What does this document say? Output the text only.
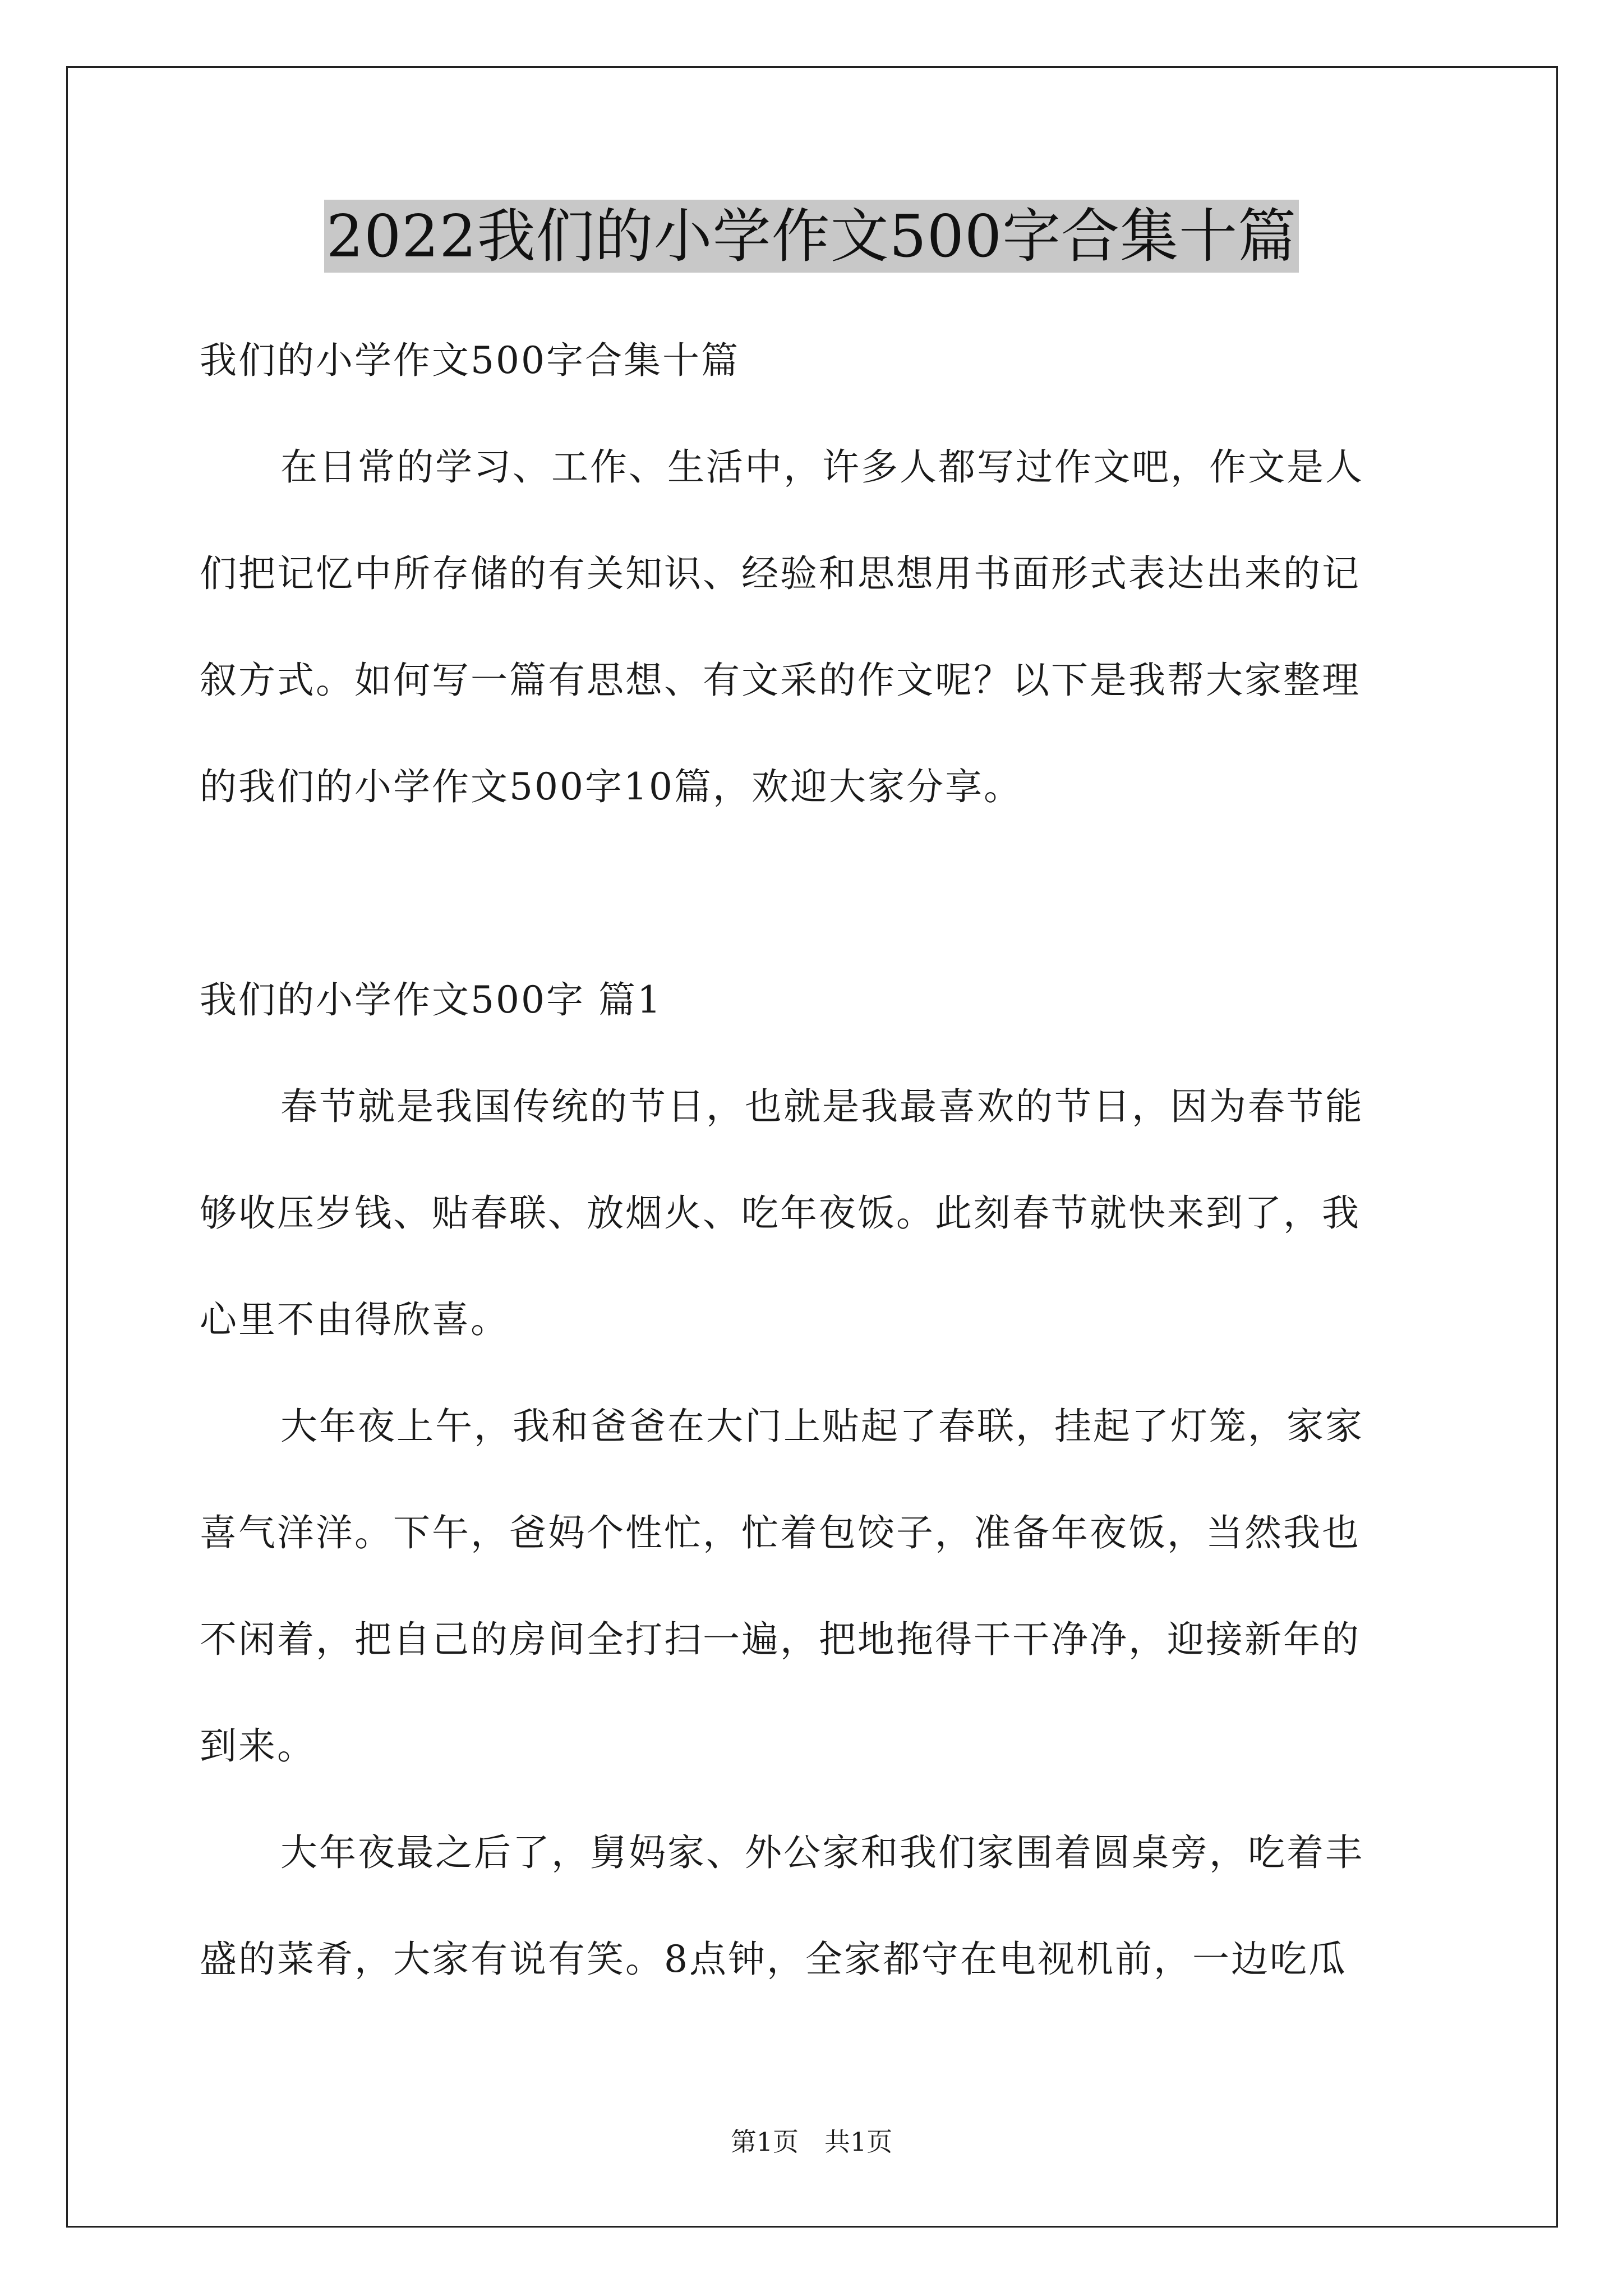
2022我们的小学作文500字合集十篇
我们的小学作文500字合集十篇
在日常的学习、工作、生活中，许多人都写过作文吧，作文是人
们把记忆中所存储的有关知识、经验和思想用书面形式表达出来的记
叙方式。如何写一篇有思想、有文采的作文呢？以下是我帮大家整理
的我们的小学作文500字10篇，欢迎大家分享。
我们的小学作文500字 篇1
春节就是我国传统的节日，也就是我最喜欢的节日，因为春节能
够收压岁钱、贴春联、放烟火、吃年夜饭。此刻春节就快来到了，我
心里不由得欣喜。
大年夜上午，我和爸爸在大门上贴起了春联，挂起了灯笼，家家
喜气洋洋。下午，爸妈个性忙，忙着包饺子，准备年夜饭，当然我也
不闲着，把自己的房间全打扫一遍，把地拖得干干净净，迎接新年的
到来。
大年夜最之后了，舅妈家、外公家和我们家围着圆桌旁，吃着丰
盛的菜肴，大家有说有笑。8点钟，全家都守在电视机前，一边吃瓜
第1页　共1页
